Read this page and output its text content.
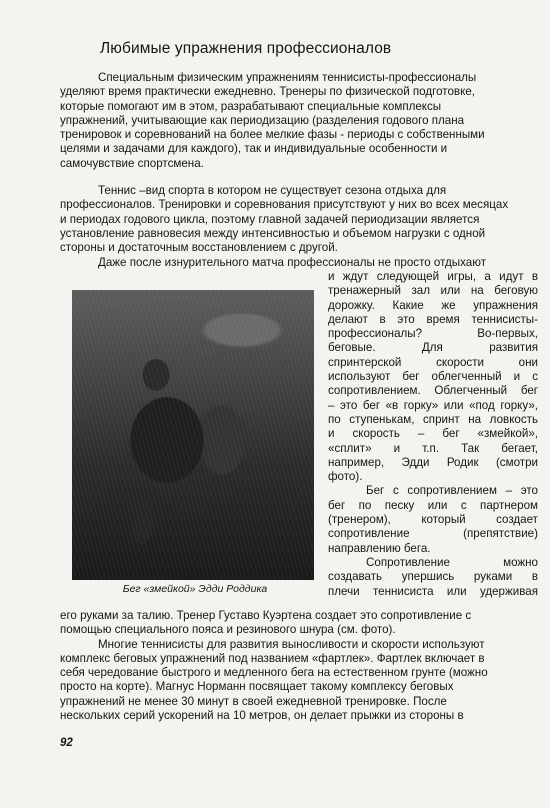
Любимые упражнения профессионалов

Специальным физическим упражнениям теннисисты-профессионалы

уделяют время практически ежедневно. Тренеры по физической подготовке,

которые помогают им в этом, разрабатывают специальные комплексы

упражнений, учитывающие как периодизацию (разделения годового плана

тренировок и соревнований на более мелкие фазы - периоды с собственными

целями и задачами для каждого), так и индивидуальные особенности и

самочувствие спортсмена.

Теннис –вид спорта в котором не существует сезона отдыха для

профессионалов. Тренировки и соревнования присутствуют у них во всех месяцах

и периодах годового цикла, поэтому главной задачей периодизации является

установление равновесия между интенсивностью и объемом нагрузки с одной

стороны и достаточным восстановлением с другой.

Даже после изнурительного матча профессионалы не просто отдыхают

Бег «змейкой» Эдди Роддика

и ждут следующей игры, а идут в

тренажерный зал или на беговую

дорожку. Какие же упражнения

делают в это время теннисисты-

профессионалы? Во-первых,

беговые. Для развития

спринтерской скорости они

используют бег облегченный и с

сопротивлением. Облегченный бег

– это бег «в горку» или «под горку»,

по ступенькам, спринт на ловкость

и скорость – бег «змейкой»,

«сплит» и т.п. Так бегает,

например, Эдди Родик (смотри

фото).

Бег с сопротивлением – это

бег по песку или с партнером

(тренером), который создает

сопротивление (препятствие)

направлению бега.

Сопротивление можно

создавать упершись руками в

плечи теннисиста или удерживая

его руками за талию. Тренер Густаво Куэртена создает это сопротивление с

помощью специального пояса и резинового шнура (см. фото).

Многие теннисисты для развития выносливости и скорости используют

комплекс беговых упражнений под названием «фартлек». Фартлек включает в

себя чередование быстрого и медленного бега на естественном грунте (можно

просто на корте). Магнус Норманн посвящает такому комплексу беговых

упражнений не менее 30 минут в своей ежедневной тренировке. После

нескольких серий ускорений на 10 метров, он делает прыжки из стороны в

92
